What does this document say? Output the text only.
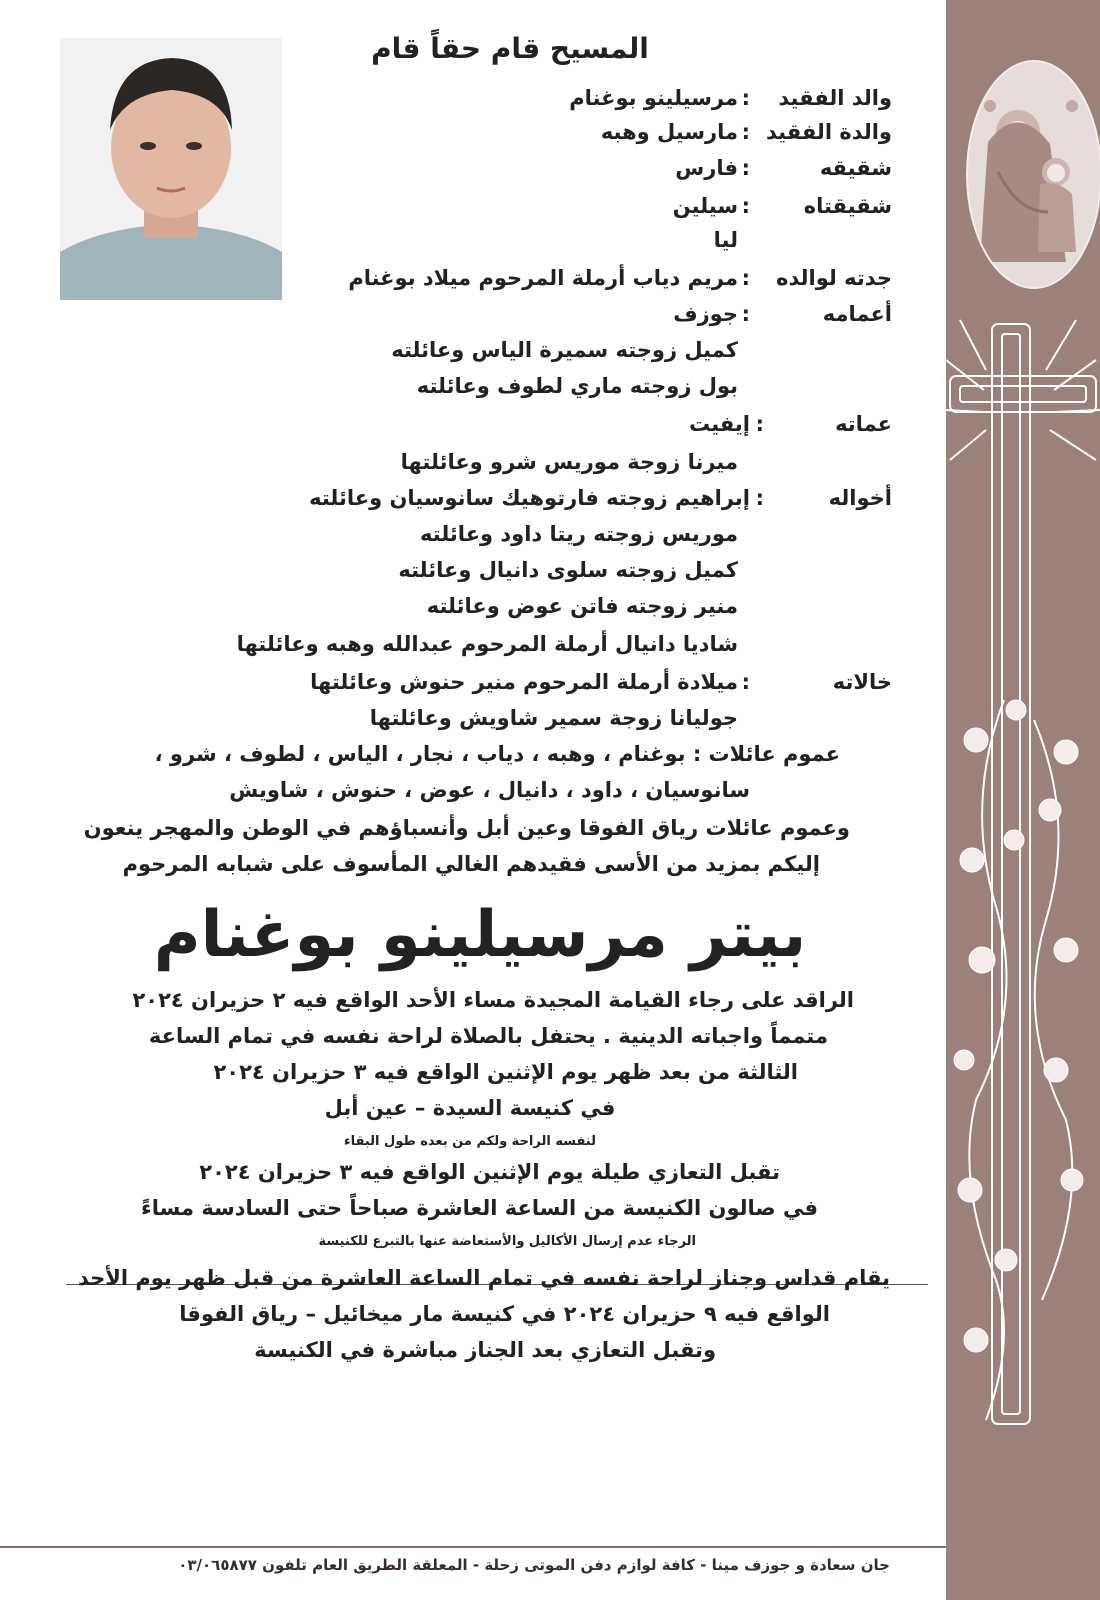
المسيح قام حقاً قام
والد الفقيد
:
مرسيلينو بوغنام
والدة الفقيد
:
مارسيل وهبه
شقيقه
:
فارس
شقيقتاه
:
سيلين
ليا
جدته لوالده
:
مريم دياب أرملة المرحوم ميلاد بوغنام
أعمامه
:
جوزف
كميل زوجته سميرة الياس وعائلته
بول زوجته ماري لطوف وعائلته
عماته
:
إيفيت
ميرنا زوجة موريس شرو وعائلتها
أخواله
:
إبراهيم زوجته فارتوهيك سانوسيان وعائلته
موريس زوجته ريتا داود وعائلته
كميل زوجته سلوى دانيال وعائلته
منير زوجته فاتن عوض وعائلته
شاديا دانيال أرملة المرحوم عبدالله وهبه وعائلتها
خالاته
:
ميلادة أرملة المرحوم منير حنوش وعائلتها
جوليانا زوجة سمير شاويش وعائلتها
عموم عائلات : بوغنام ، وهبه ، دياب ، نجار ، الياس ، لطوف ، شرو ،
سانوسيان ، داود ، دانيال ، عوض ، حنوش ، شاويش
وعموم عائلات رياق الفوقا وعين أبل وأنسباؤهم في الوطن والمهجر ينعون
إليكم بمزيد من الأسى فقيدهم الغالي المأسوف على شبابه المرحوم
بيتر مرسيلينو بوغنام
الراقد على رجاء القيامة المجيدة مساء الأحد الواقع فيه ٢ حزيران ٢٠٢٤
متمماً واجباته الدينية . يحتفل بالصلاة لراحة نفسه في تمام الساعة
الثالثة من بعد ظهر يوم الإثنين الواقع فيه ٣ حزيران ٢٠٢٤
في كنيسة السيدة – عين أبل
لنفسه الراحة ولكم من بعده طول البقاء
تقبل التعازي طيلة يوم الإثنين الواقع فيه ٣ حزيران ٢٠٢٤
في صالون الكنيسة من الساعة العاشرة صباحاً حتى السادسة مساءً
الرجاء عدم إرسال الأكاليل والأستعاضة عنها بالتبرع للكنيسة
يقام قداس وجناز لراحة نفسه في تمام الساعة العاشرة من قبل ظهر يوم الأحد
الواقع فيه ٩ حزيران ٢٠٢٤ في كنيسة مار ميخائيل – رياق الفوقا
وتقبل التعازي بعد الجناز مباشرة في الكنيسة
جان سعادة و جوزف مينا - كافة لوازم دفن الموتى زحلة - المعلقة الطريق العام تلفون ٠٣/٠٦٥٨٧٧
